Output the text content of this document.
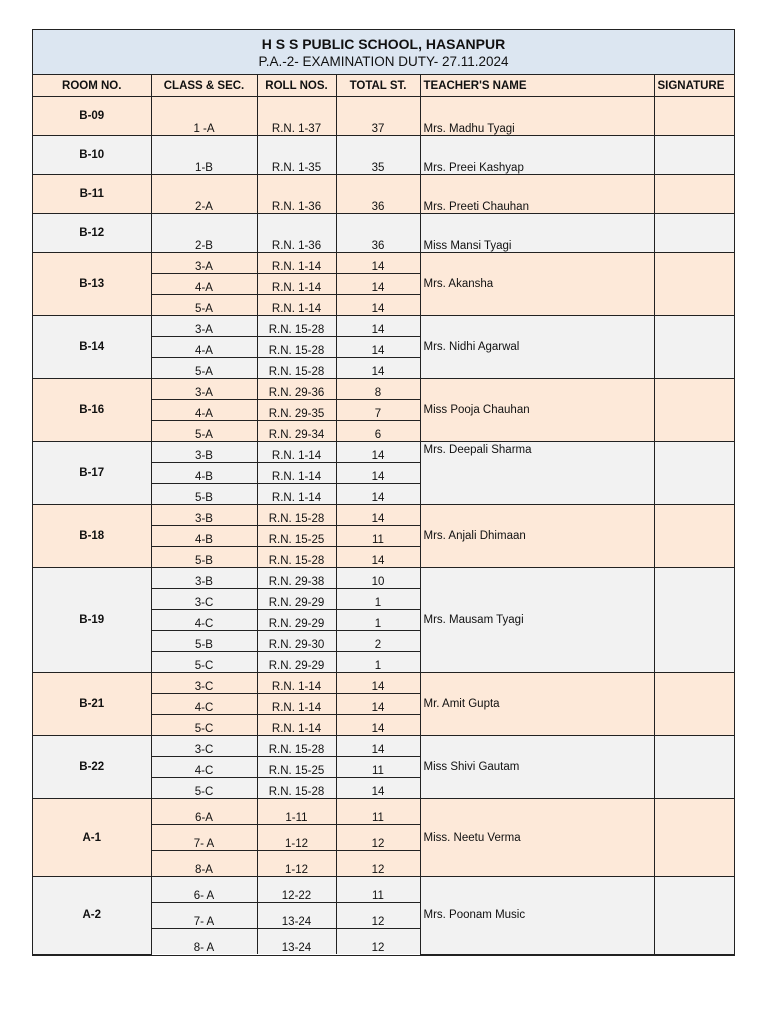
H S S PUBLIC SCHOOL, HASANPUR
P.A.-2- EXAMINATION DUTY- 27.11.2024
ROOM NO.	CLASS & SEC.	ROLL NOS.	TOTAL ST.	TEACHER'S NAME	SIGNATURE
B-09	1 -A	R.N. 1-37	37	Mrs. Madhu Tyagi	
B-10	1-B	R.N. 1-35	35	Mrs. Preei Kashyap	
B-11	2-A	R.N. 1-36	36	Mrs. Preeti Chauhan	
B-12	2-B	R.N. 1-36	36	Miss Mansi Tyagi	
B-13	3-A	R.N. 1-14	14	Mrs. Akansha	
	4-A	R.N. 1-14	14		
	5-A	R.N. 1-14	14		
B-14	3-A	R.N. 15-28	14	Mrs. Nidhi Agarwal	
	4-A	R.N. 15-28	14		
	5-A	R.N. 15-28	14		
B-16	3-A	R.N. 29-36	8	Miss Pooja Chauhan	
	4-A	R.N. 29-35	7		
	5-A	R.N. 29-34	6		
B-17	3-B	R.N. 1-14	14	Mrs. Deepali Sharma	
	4-B	R.N. 1-14	14		
	5-B	R.N. 1-14	14		
B-18	3-B	R.N. 15-28	14	Mrs. Anjali Dhimaan	
	4-B	R.N. 15-25	11		
	5-B	R.N. 15-28	14		
B-19	3-B	R.N. 29-38	10	Mrs. Mausam Tyagi	
	3-C	R.N. 29-29	1		
	4-C	R.N. 29-29	1		
	5-B	R.N. 29-30	2		
	5-C	R.N. 29-29	1		
B-21	3-C	R.N. 1-14	14	Mr. Amit Gupta	
	4-C	R.N. 1-14	14		
	5-C	R.N. 1-14	14		
B-22	3-C	R.N. 15-28	14	Miss Shivi Gautam	
	4-C	R.N. 15-25	11		
	5-C	R.N. 15-28	14		
A-1	6-A	1-11	11	Miss. Neetu Verma	
	7- A	1-12	12		
	8-A	1-12	12		
A-2	6- A	12-22	11	Mrs. Poonam Music	
	7- A	13-24	12		
	8- A	13-24	12		
